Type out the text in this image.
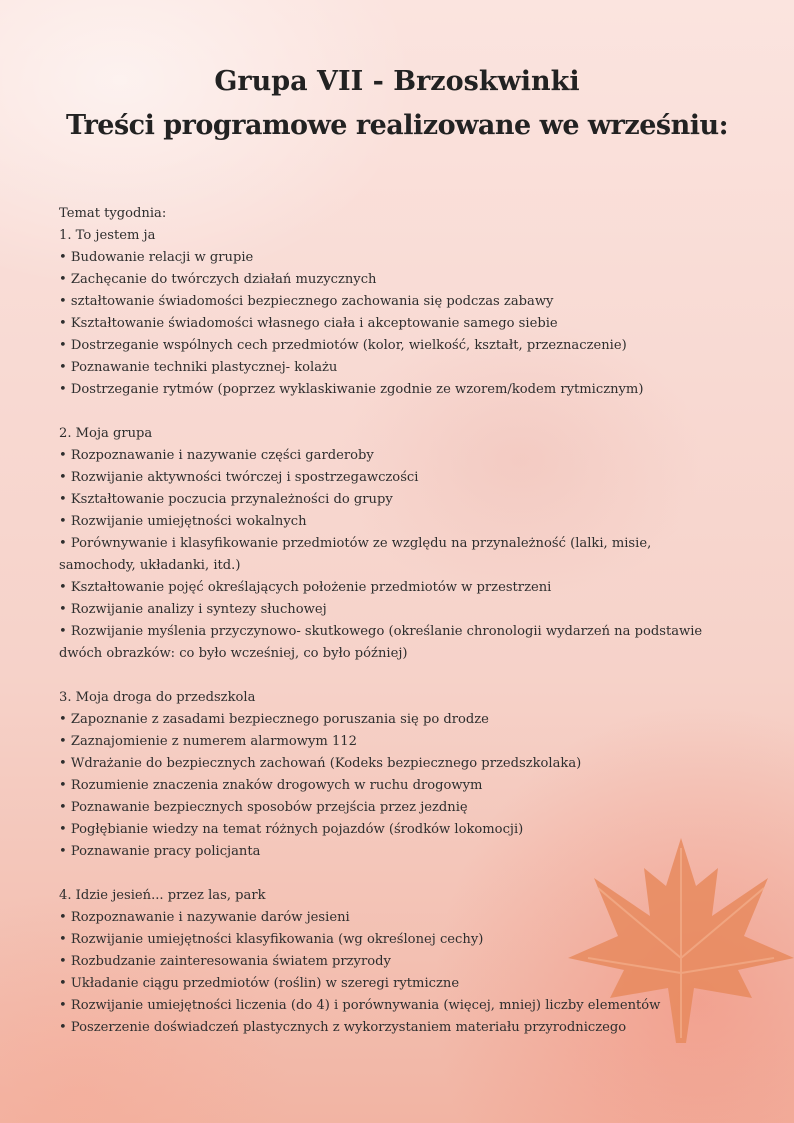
Grupa VII - Brzoskwinki
Treści programowe realizowane we wrześniu:
Temat tygodnia:
1. To jestem ja
• Budowanie relacji w grupie
• Zachęcanie do twórczych działań muzycznych
• ształtowanie świadomości bezpiecznego zachowania się podczas zabawy
• Kształtowanie świadomości własnego ciała i akceptowanie samego siebie
• Dostrzeganie wspólnych cech przedmiotów (kolor, wielkość, kształt, przeznaczenie)
• Poznawanie techniki plastycznej- kolażu
• Dostrzeganie rytmów (poprzez wyklaskiwanie zgodnie ze wzorem/kodem rytmicznym)
2. Moja grupa
• Rozpoznawanie i nazywanie części garderoby
• Rozwijanie aktywności twórczej i spostrzegawczości
• Kształtowanie poczucia przynależności do grupy
• Rozwijanie umiejętności wokalnych
• Porównywanie i klasyfikowanie przedmiotów ze względu na przynależność (lalki, misie, samochody, układanki, itd.)
• Kształtowanie pojęć określających położenie przedmiotów w przestrzeni
• Rozwijanie analizy i syntezy słuchowej
• Rozwijanie myślenia przyczynowo- skutkowego (określanie chronologii wydarzeń na podstawie dwóch obrazków: co było wcześniej, co było później)
3. Moja droga do przedszkola
• Zapoznanie z zasadami bezpiecznego poruszania się po drodze
• Zaznajomienie z numerem alarmowym 112
• Wdrażanie do bezpiecznych zachowań (Kodeks bezpiecznego przedszkolaka)
• Rozumienie znaczenia znaków drogowych w ruchu drogowym
• Poznawanie bezpiecznych sposobów przejścia przez jezdnię
• Pogłębianie wiedzy na temat różnych pojazdów (środków lokomocji)
• Poznawanie pracy policjanta
4. Idzie jesień... przez las, park
• Rozpoznawanie i nazywanie darów jesieni
• Rozwijanie umiejętności klasyfikowania (wg określonej cechy)
• Rozbudzanie zainteresowania światem przyrody
• Układanie ciągu przedmiotów (roślin) w szeregi rytmiczne
• Rozwijanie umiejętności liczenia (do 4) i porównywania (więcej, mniej) liczby elementów
• Poszerzenie doświadczeń plastycznych z wykorzystaniem materiału przyrodniczego
